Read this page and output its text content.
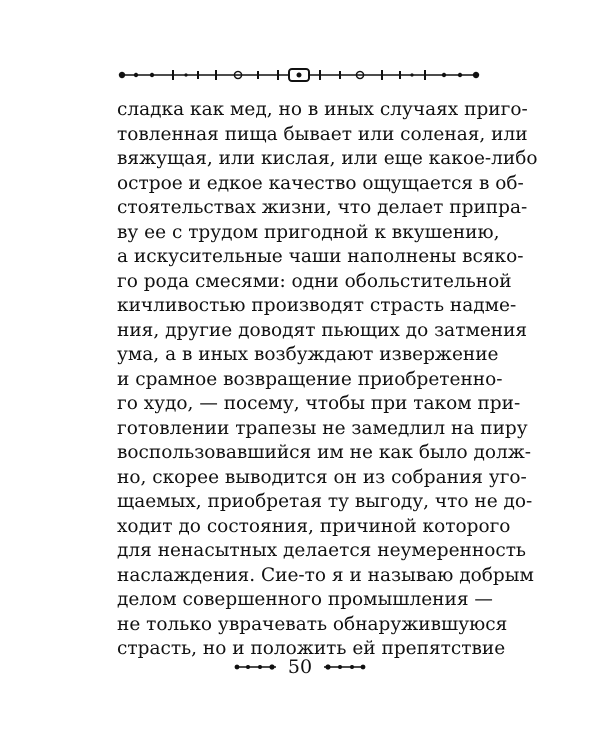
сладка как мед, но в иных случаях приго-
товленная пища бывает или соленая, или
вяжущая, или кислая, или еще какое-либо
острое и едкое качество ощущается в об-
стоятельствах жизни, что делает припра-
ву ее с трудом пригодной к вкушению,
а искусительные чаши наполнены всяко-
го рода смесями: одни обольстительной
кичливостью производят страсть надме-
ния, другие доводят пьющих до затмения
ума, а в иных возбуждают извержение
и срамное возвращение приобретенно-
го худо, — посему, чтобы при таком при-
готовлении трапезы не замедлил на пиру
воспользовавшийся им не как было долж-
но, скорее выводится он из собрания уго-
щаемых, приобретая ту выгоду, что не до-
ходит до состояния, причиной которого
для ненасытных делается неумеренность
наслаждения. Сие-то я и называю добрым
делом совершенного промышления —
не только уврачевать обнаружившуюся
страсть, но и положить ей препятствие
50
